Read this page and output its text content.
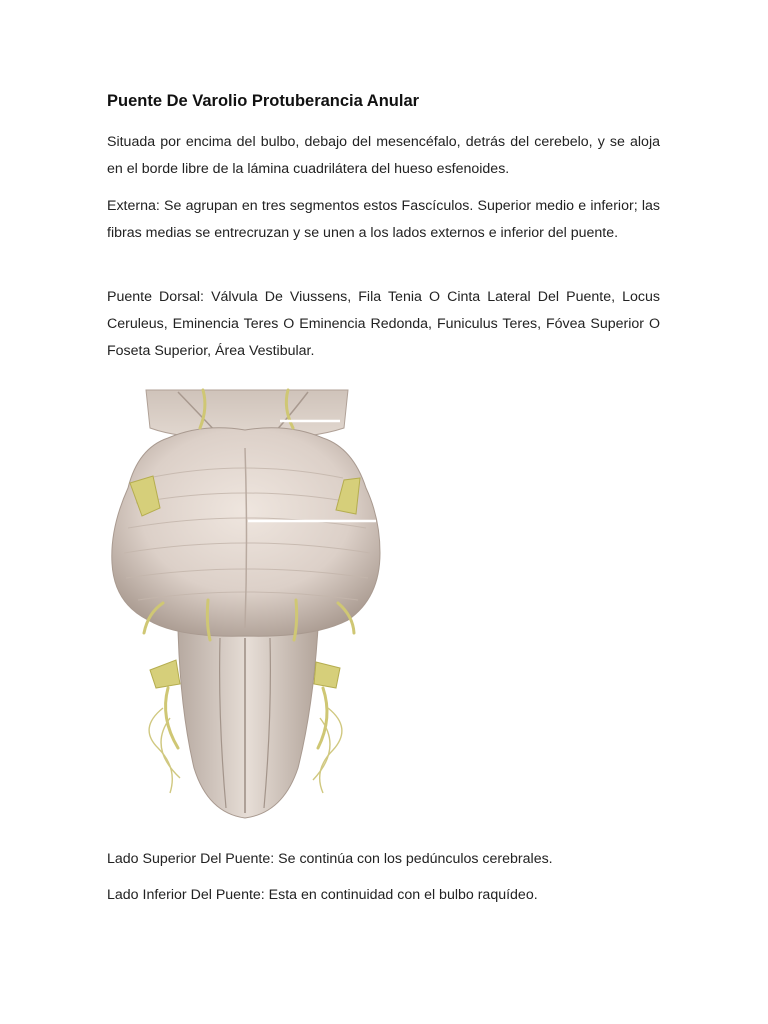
Puente De Varolio Protuberancia Anular

Situada por encima del bulbo, debajo del mesencéfalo, detrás del cerebelo, y se aloja en el borde libre de la lámina cuadrilátera del hueso esfenoides.

Externa: Se agrupan en tres segmentos estos Fascículos. Superior medio e inferior; las fibras medias se entrecruzan y se unen a los lados externos e inferior del puente.

Puente Dorsal: Válvula De Viussens, Fila Tenia O Cinta Lateral Del Puente, Locus Ceruleus, Eminencia Teres O Eminencia Redonda, Funiculus Teres, Fóvea Superior O Foseta Superior, Área Vestibular.

Lado Superior Del Puente: Se continúa con los pedúnculos cerebrales.

Lado Inferior Del Puente: Esta en continuidad con el bulbo raquídeo.
